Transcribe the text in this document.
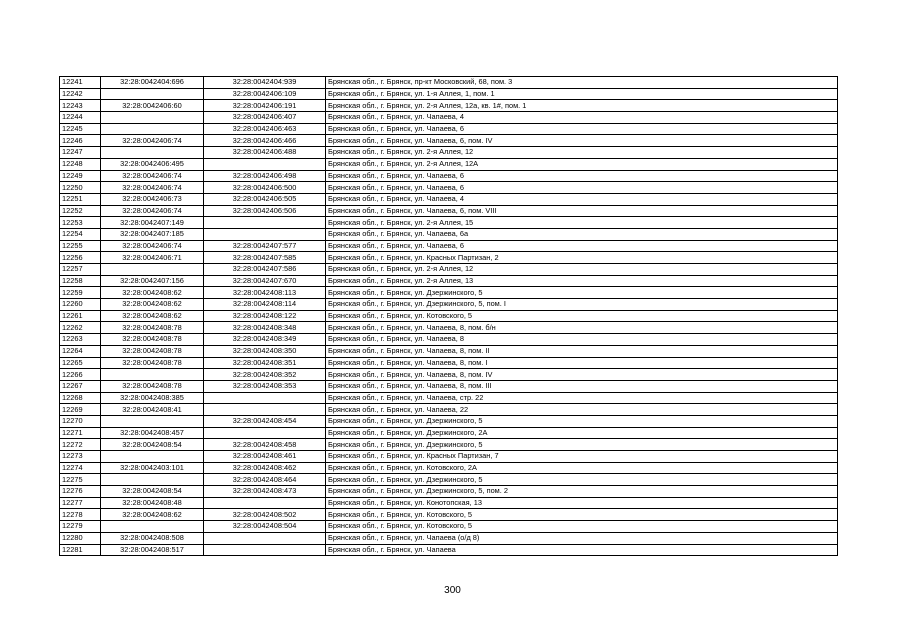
12241	32:28:0042404:696	32:28:0042404:939	Брянская обл., г. Брянск, пр-кт Московский, 68, пом. 3
12242		32:28:0042406:109	Брянская обл., г. Брянск, ул. 1-я Аллея, 1, пом. 1
12243	32:28:0042406:60	32:28:0042406:191	Брянская обл., г. Брянск, ул. 2-я Аллея, 12а, кв. 1#, пом. 1
12244		32:28:0042406:407	Брянская обл., г. Брянск, ул. Чапаева, 4
12245		32:28:0042406:463	Брянская обл., г. Брянск, ул. Чапаева, 6
12246	32:28:0042406:74	32:28:0042406:466	Брянская обл., г. Брянск, ул. Чапаева, 6, пом. IV
12247		32:28:0042406:488	Брянская обл., г. Брянск, ул. 2-я Аллея, 12
12248	32:28:0042406:495		Брянская обл., г. Брянск, ул. 2-я Аллея, 12А
12249	32:28:0042406:74	32:28:0042406:498	Брянская обл., г. Брянск, ул. Чапаева, 6
12250	32:28:0042406:74	32:28:0042406:500	Брянская обл., г. Брянск, ул. Чапаева, 6
12251	32:28:0042406:73	32:28:0042406:505	Брянская обл., г. Брянск, ул. Чапаева, 4
12252	32:28:0042406:74	32:28:0042406:506	Брянская обл., г. Брянск, ул. Чапаева, 6, пом. VIII
12253	32:28:0042407:149		Брянская обл., г. Брянск, ул. 2-я Аллея, 15
12254	32:28:0042407:185		Брянская обл., г. Брянск, ул. Чапаева, 6а
12255	32:28:0042406:74	32:28:0042407:577	Брянская обл., г. Брянск, ул. Чапаева, 6
12256	32:28:0042406:71	32:28:0042407:585	Брянская обл., г. Брянск, ул. Красных Партизан, 2
12257		32:28:0042407:586	Брянская обл., г. Брянск, ул. 2-я Аллея, 12
12258	32:28:0042407:156	32:28:0042407:670	Брянская обл., г. Брянск, ул. 2-я Аллея, 13
12259	32:28:0042408:62	32:28:0042408:113	Брянская обл., г. Брянск, ул. Дзержинского, 5
12260	32:28:0042408:62	32:28:0042408:114	Брянская обл., г. Брянск, ул. Дзержинского, 5, пом. I
12261	32:28:0042408:62	32:28:0042408:122	Брянская обл., г. Брянск, ул. Котовского, 5
12262	32:28:0042408:78	32:28:0042408:348	Брянская обл., г. Брянск, ул. Чапаева, 8, пом. б/н
12263	32:28:0042408:78	32:28:0042408:349	Брянская обл., г. Брянск, ул. Чапаева, 8
12264	32:28:0042408:78	32:28:0042408:350	Брянская обл., г. Брянск, ул. Чапаева, 8, пом. II
12265	32:28:0042408:78	32:28:0042408:351	Брянская обл., г. Брянск, ул. Чапаева, 8, пом. I
12266		32:28:0042408:352	Брянская обл., г. Брянск, ул. Чапаева, 8, пом. IV
12267	32:28:0042408:78	32:28:0042408:353	Брянская обл., г. Брянск, ул. Чапаева, 8, пом. III
12268	32:28:0042408:385		Брянская обл., г. Брянск, ул. Чапаева, стр. 22
12269	32:28:0042408:41		Брянская обл., г. Брянск, ул. Чапаева, 22
12270		32:28:0042408:454	Брянская обл., г. Брянск, ул. Дзержинского, 5
12271	32:28:0042408:457		Брянская обл., г. Брянск, ул. Дзержинского, 2А
12272	32:28:0042408:54	32:28:0042408:458	Брянская обл., г. Брянск, ул. Дзержинского, 5
12273		32:28:0042408:461	Брянская обл., г. Брянск, ул. Красных Партизан, 7
12274	32:28:0042403:101	32:28:0042408:462	Брянская обл., г. Брянск, ул. Котовского, 2А
12275		32:28:0042408:464	Брянская обл., г. Брянск, ул. Дзержинского, 5
12276	32:28:0042408:54	32:28:0042408:473	Брянская обл., г. Брянск, ул. Дзержинского, 5, пом. 2
12277	32:28:0042408:48		Брянская обл., г. Брянск, ул. Конотопская, 13
12278	32:28:0042408:62	32:28:0042408:502	Брянская обл., г. Брянск, ул. Котовского, 5
12279		32:28:0042408:504	Брянская обл., г. Брянск, ул. Котовского, 5
12280	32:28:0042408:508		Брянская обл., г. Брянск, ул. Чапаева (о/д 8)
12281	32:28:0042408:517		Брянская обл., г. Брянск, ул. Чапаева
300
